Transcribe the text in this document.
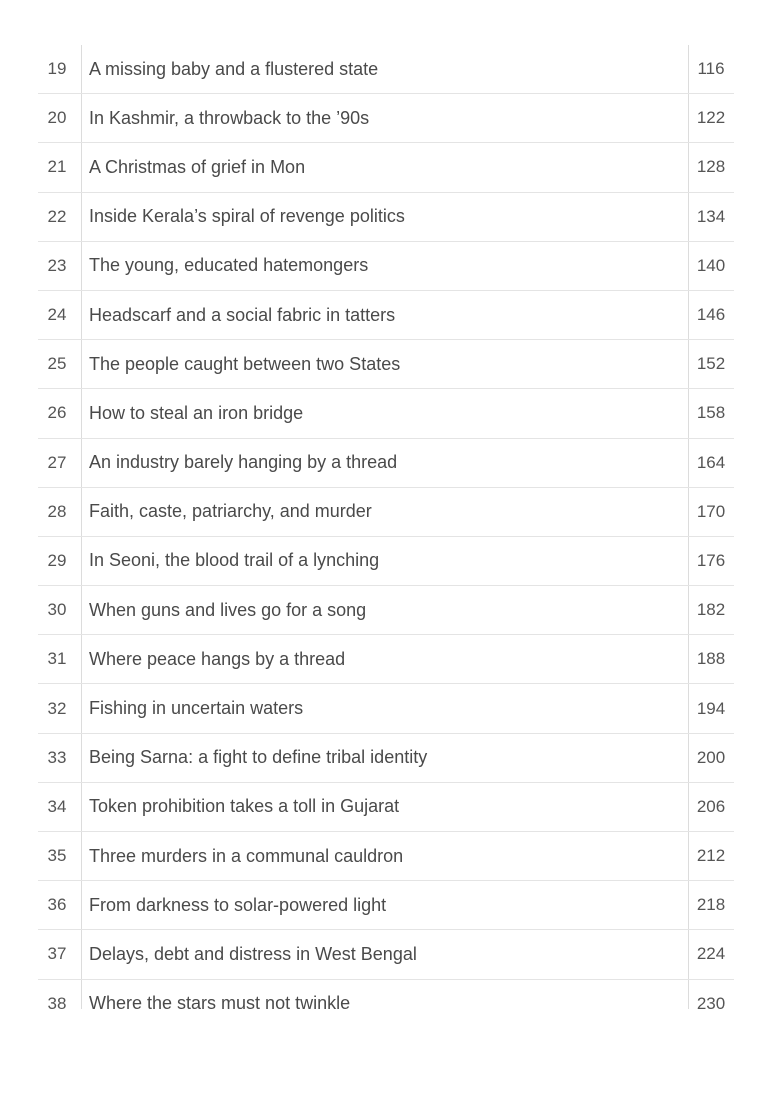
19	A missing baby and a flustered state	116
20	In Kashmir, a throwback to the ’90s	122
21	A Christmas of grief in Mon	128
22	Inside Kerala’s spiral of revenge politics	134
23	The young, educated hatemongers	140
24	Headscarf and a social fabric in tatters	146
25	The people caught between two States	152
26	How to steal an iron bridge	158
27	An industry barely hanging by a thread	164
28	Faith, caste, patriarchy, and murder	170
29	In Seoni, the blood trail of a lynching	176
30	When guns and lives go for a song	182
31	Where peace hangs by a thread	188
32	Fishing in uncertain waters	194
33	Being Sarna: a fight to define tribal identity	200
34	Token prohibition takes a toll in Gujarat	206
35	Three murders in a communal cauldron	212
36	From darkness to solar-powered light	218
37	Delays, debt and distress in West Bengal	224
38	Where the stars must not twinkle	230
